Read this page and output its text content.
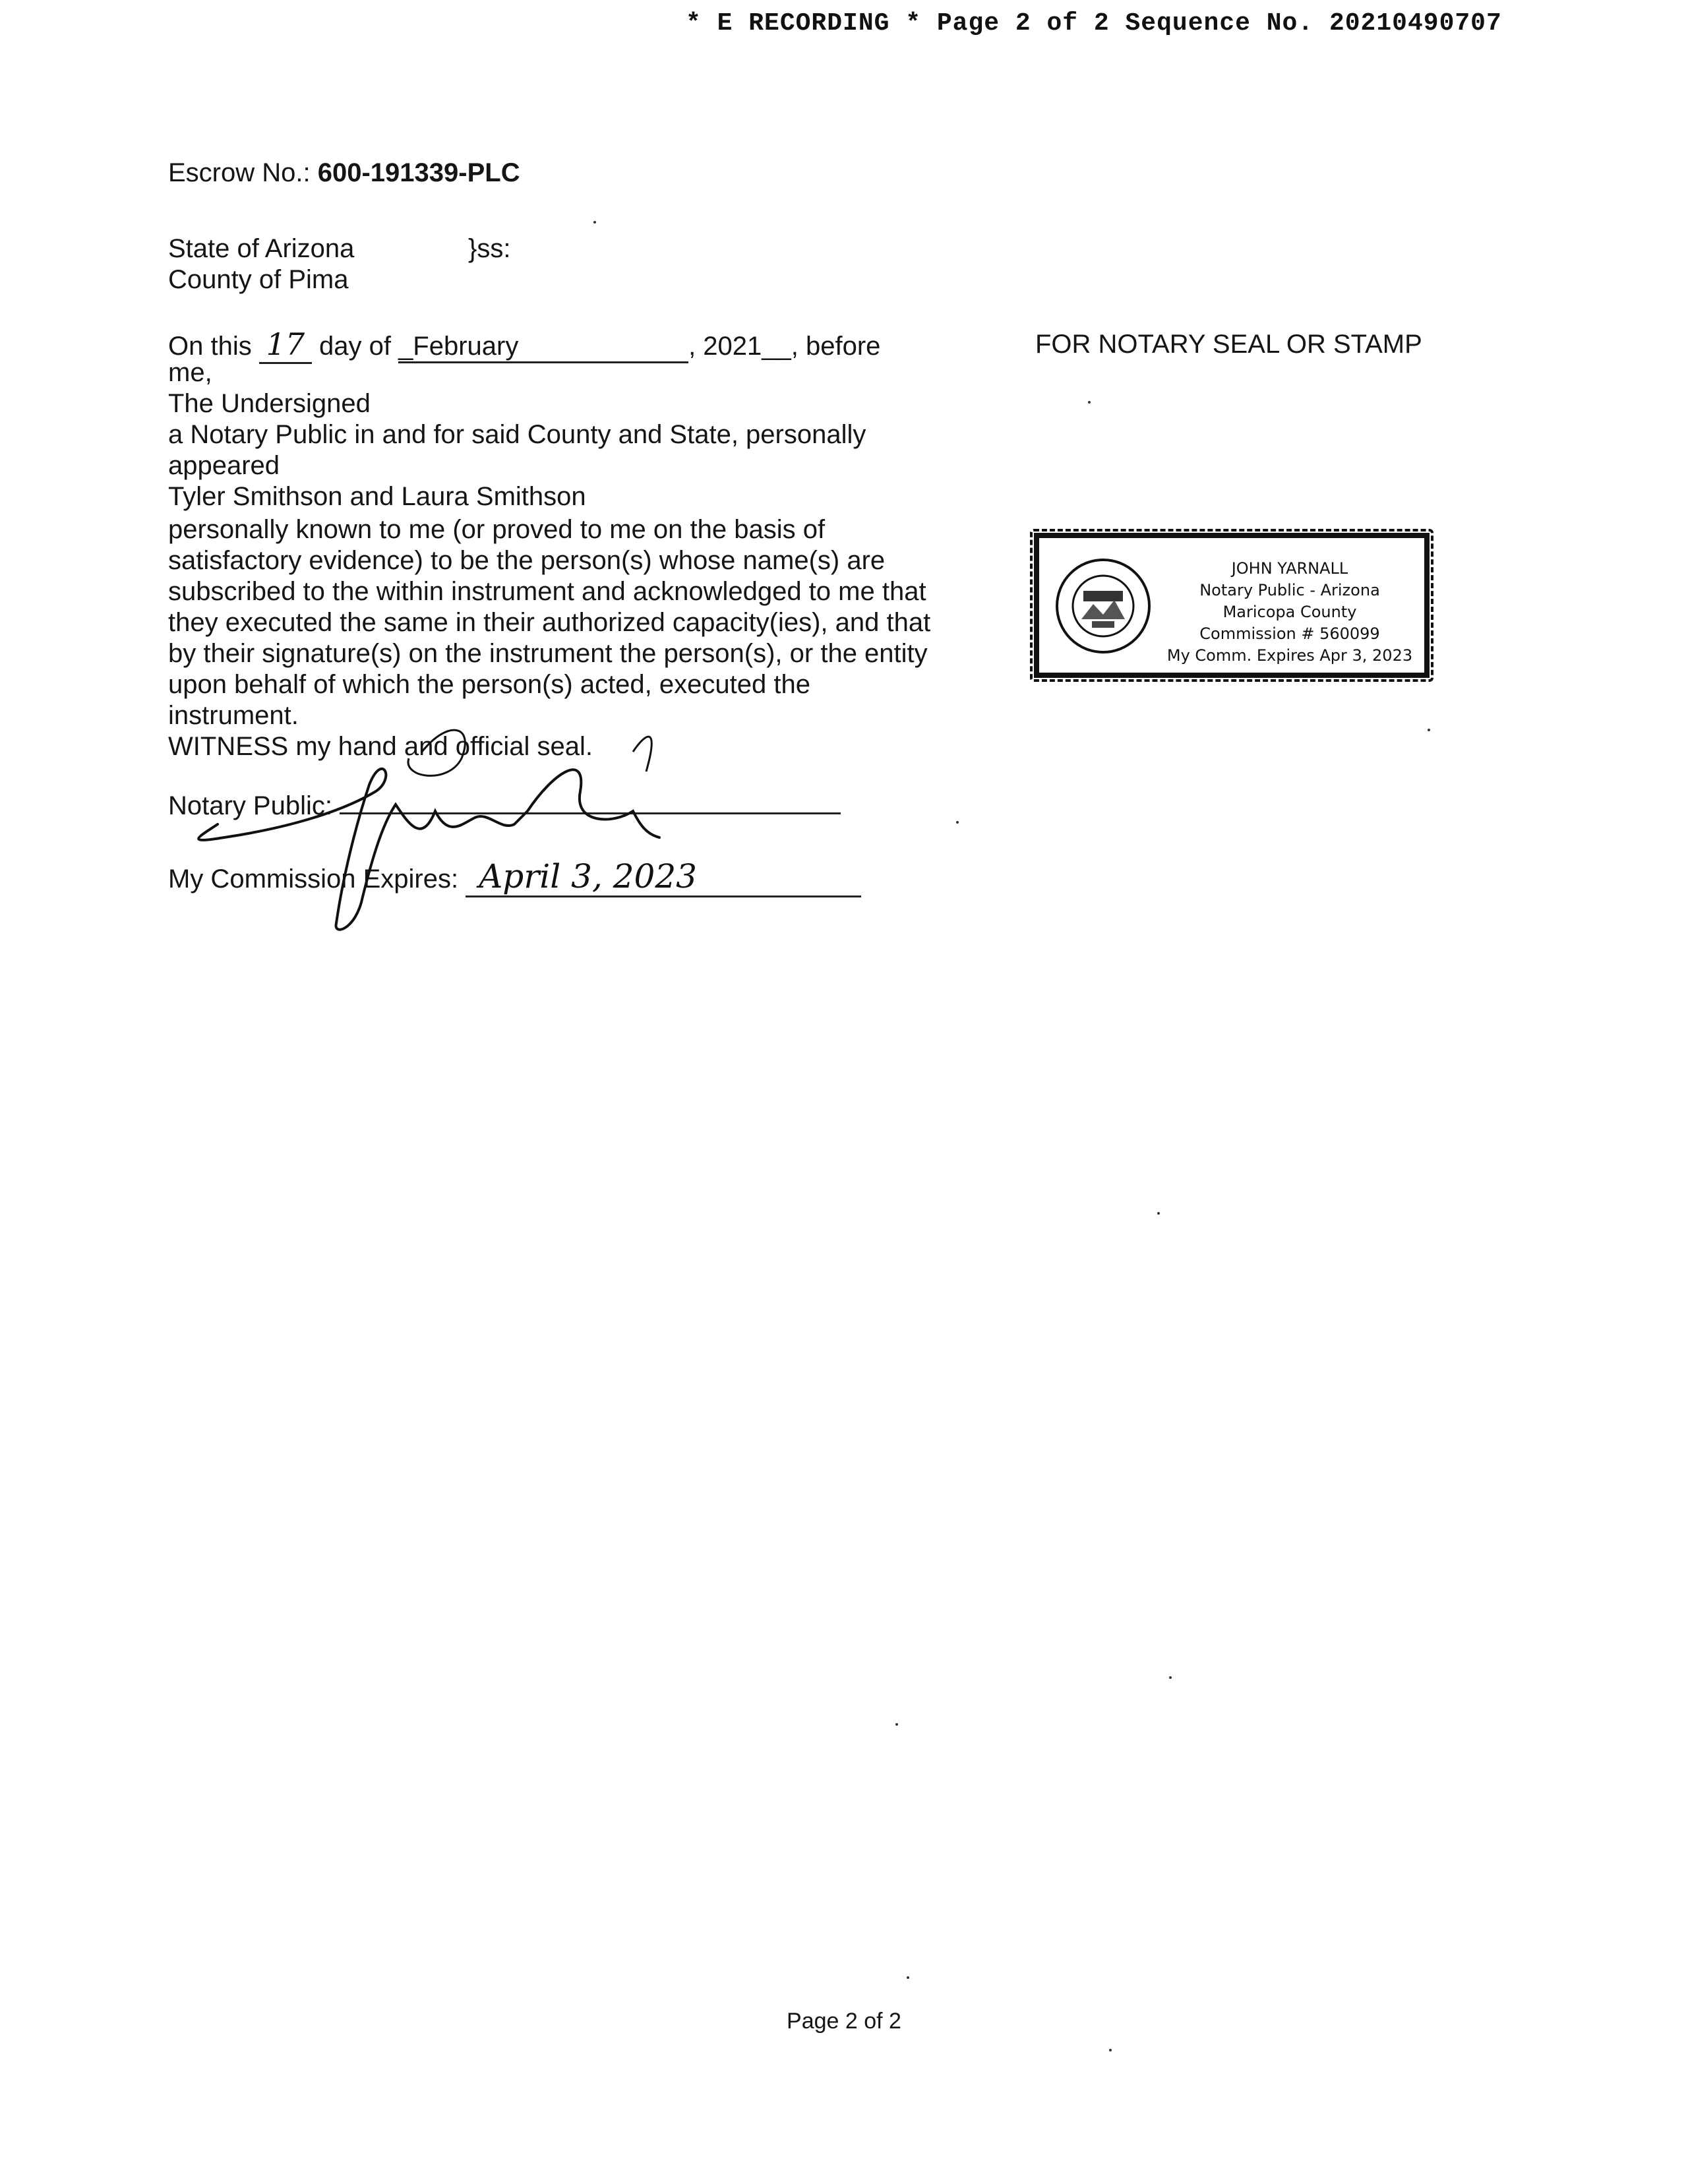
* E RECORDING * Page 2 of 2 Sequence No. 20210490707
Escrow No.: 600-191339-PLC
State of Arizona	}ss:
County of Pima
On this 17 day of _February	, 2021__, before
me,
The Undersigned
a Notary Public in and for said County and State, personally
appeared
Tyler Smithson and Laura Smithson
personally known to me (or proved to me on the basis of
satisfactory evidence) to be the person(s) whose name(s) are
subscribed to the within instrument and acknowledged to me that
they executed the same in their authorized capacity(ies), and that
by their signature(s) on the instrument the person(s), or the entity
upon behalf of which the person(s) acted, executed the
instrument.
WITNESS my hand and official seal.
Notary Public:
My Commission Expires: April 3, 2023
FOR NOTARY SEAL OR STAMP
JOHN YARNALL
Notary Public - Arizona
Maricopa County
Commission # 560099
My Comm. Expires Apr 3, 2023
Page 2 of 2
